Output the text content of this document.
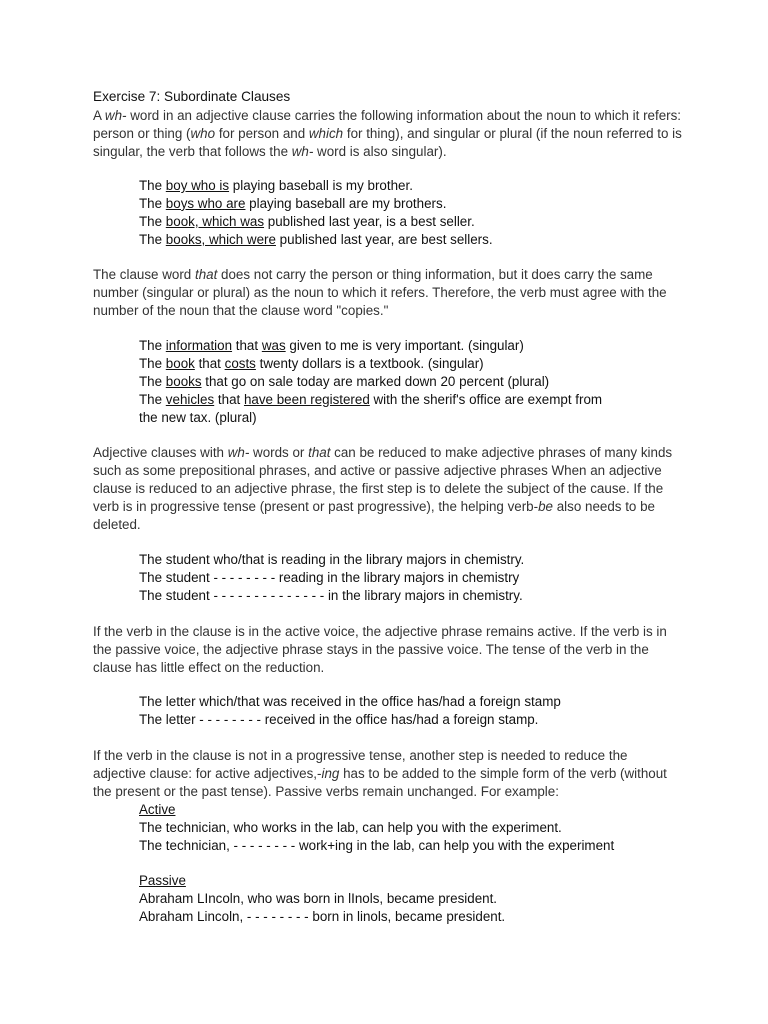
Exercise 7: Subordinate Clauses
A wh- word in an adjective clause carries the following information about the noun to which it refers: person or thing (who for person and which for thing), and singular or plural (if the noun referred to is singular, the verb that follows the wh- word is also singular).
The boy who is playing baseball is my brother.
The boys who are playing baseball are my brothers.
The book, which was published last year, is a best seller.
The books, which were published last year, are best sellers.
The clause word that does not carry the person or thing information, but it does carry the same number (singular or plural) as the noun to which it refers. Therefore, the verb must agree with the number of the noun that the clause word "copies."
The information that was given to me is very important. (singular)
The book that costs twenty dollars is a textbook. (singular)
The books that go on sale today are marked down 20 percent (plural)
The vehicles that have been registered with the sherif's office are exempt from
the new tax. (plural)
Adjective clauses with wh- words or that can be reduced to make adjective phrases of many kinds such as some prepositional phrases, and active or passive adjective phrases When an adjective clause is reduced to an adjective phrase, the first step is to delete the subject of the cause. If the verb is in progressive tense (present or past progressive), the helping verb-be also needs to be deleted.
The student who/that is reading in the library majors in chemistry.
The student - - - - - - - - reading in the library majors in chemistry
The student - - - - - - - - - - - - - - in the library majors in chemistry.
If the verb in the clause is in the active voice, the adjective phrase remains active. If the verb is in the passive voice, the adjective phrase stays in the passive voice. The tense of the verb in the clause has little effect on the reduction.
The letter which/that was received in the office has/had a foreign stamp
The letter - - - - - - - - received in the office has/had a foreign stamp.
If the verb in the clause is not in a progressive tense, another step is needed to reduce the adjective clause: for active adjectives,-ing has to be added to the simple form of the verb (without the present or the past tense). Passive verbs remain unchanged. For example:
Active
The technician, who works in the lab, can help you with the experiment.
The technician, - - - - - - - - work+ing in the lab, can help you with the experiment
Passive
Abraham LIncoln, who was born in lInols, became president.
Abraham Lincoln, - - - - - - - - born in linols, became president.
